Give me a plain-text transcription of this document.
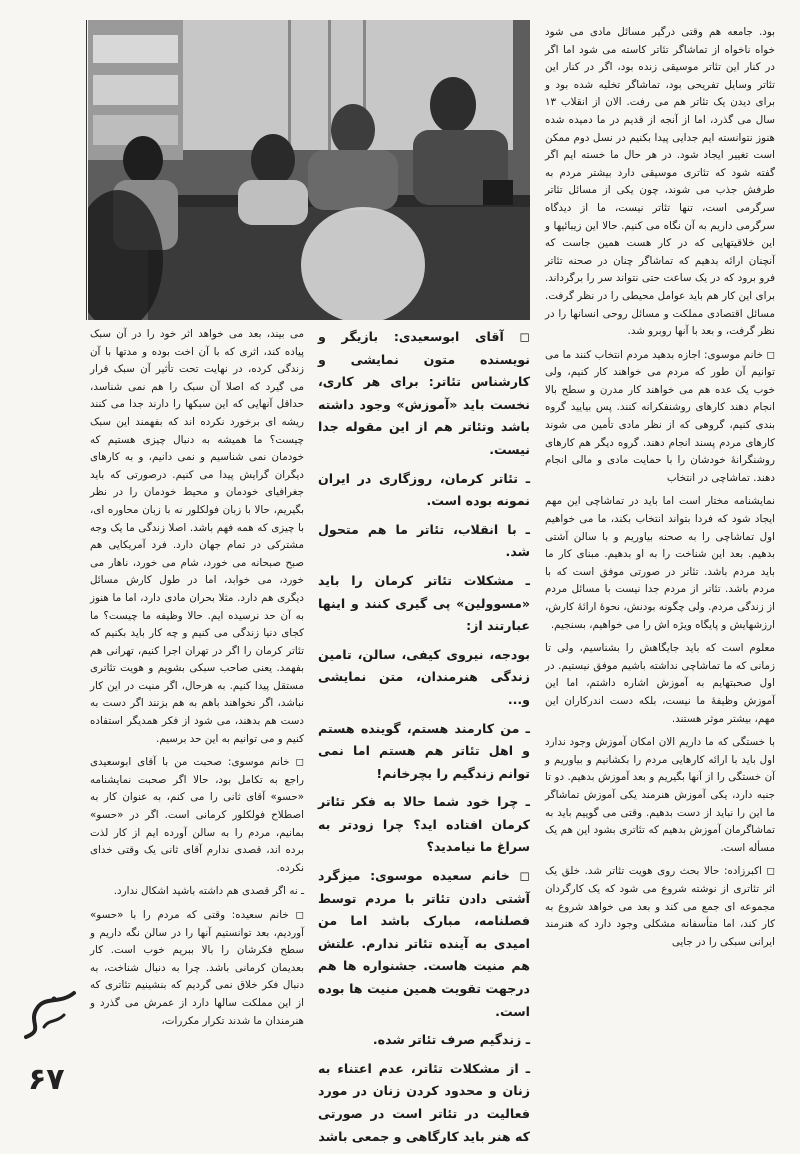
بود. جامعه هم وقتی درگیر مسائل مادی می شود خواه ناخواه از تماشاگر تئاتر کاسته می شود اما اگر در کنار این تئاتر موسیقی زنده بود، اگر در کنار این تئاتر وسایل تفریحی بود، تماشاگر تخلیه شده بود و برای دیدن یک تئاتر هم می رفت. الان از انقلاب ۱۳ سال می گذرد، اما از آنجه از قدیم در ما دمیده شده هنوز نتوانسته ایم جدایی پیدا بکنیم در نسل دوم ممکن است تغییر ایجاد شود. در هر حال ما خسته ایم اگر گفته شود که تئاتری موسیقی دارد بیشتر مردم به طرفش جذب می شوند، چون یکی از مسائل تئاتر سرگرمی است، تنها تئاتر نیست، ما از دیدگاه سرگرمی داریم به آن نگاه می کنیم. حالا این زیبائیها و این خلاقیتهایی که در کار هست همین جاست که آنچنان ارائه بدهیم که تماشاگر چنان در صحنه تئاتر فرو برود که در یک ساعت حتی نتواند سر را برگرداند. برای این کار هم باید عوامل محیطی را در نظر گرفت. مسائل اقتصادی مملکت و مسائل روحی انسانها را در نظر گرفت، و بعد با آنها روبرو شد.

◻ خانم موسوی: اجازه بدهید مردم انتخاب کنند ما می توانیم آن طور که مردم می خواهند کار کنیم، ولی خوب یک عده هم می خواهند کار مدرن و سطح بالا انجام دهند کارهای روشنفکرانه کنند. پس بیایید گروه بندی کنیم، گروهی که از نظر مادی تأمین می شوند کارهای مردم پسند انجام دهند. گروه دیگر هم کارهای روشنگرانهٔ خودشان را با حمایت مادی و مالی انجام دهند. تماشاچی در انتخاب

نمایشنامه مختار است اما باید در تماشاچی این مهم ایجاد شود که فردا بتواند انتخاب بکند، ما می خواهیم اول تماشاچی را به صحنه بیاوریم و با سالن آشتی بدهیم. بعد این شناخت را به او بدهیم. مبنای کار ما باید مردم باشد. تئاتر در صورتی موفق است که با مردم باشد. تئاتر از مردم جدا نیست با مسائل مردم از زندگی مردم. ولی چگونه بودنش، نحوهٔ ارائهٔ کارش، ارزشهایش و پایگاه ویژه اش را می خواهیم، بسنجیم.

معلوم است که باید جایگاهش را بشناسیم، ولی تا زمانی که ما تماشاچی نداشته باشیم موفق نیستیم. در اول صحبتهایم به آموزش اشاره داشتم، اما این آموزش وظیفهٔ ما نیست، بلکه دست اندرکاران این مهم، بیشتر موثر هستند.

با خستگی که ما داریم الان امکان آموزش وجود ندارد اول باید با ارائه کارهایی مردم را بکشانیم و بیاوریم و آن خستگی را از آنها بگیریم و بعد آموزش بدهیم. دو تا جنبه دارد، یکی آموزش هنرمند یکی آموزش تماشاگر ما این را نباید از دست بدهیم. وقتی می گوییم باید به تماشاگرمان آموزش بدهیم که تئاتری بشود این هم یک مسأله است.

◻ اکبرزاده: حالا بحث روی هویت تئاتر شد. خلق یک اثر تئاتری از نوشته شروع می شود که یک کارگردان مجموعه ای جمع می کند و بعد می خواهد شروع به کار کند، اما متأسفانه مشکلی وجود دارد که هنرمند ایرانی سبکی را در جایی

◻ آقای ابوسعیدی: بازیگر و نویسنده متون نمایشی و کارشناس تئاتر: برای هر کاری، نخست باید «آموزش» وجود داشته باشد وتئاتر هم از این مقوله جدا نیست.

ـ تئاتر کرمان، روزگاری در ایران نمونه بوده است.

ـ با انقلاب، تئاتر ما هم متحول شد.

ـ مشکلات تئاتر کرمان را باید «مسوولین» پی گیری کنند و اینها عبارتند از:

بودجه، نیروی کیفی، سالن، تامین زندگی هنرمندان، متن نمایشی و...

ـ من کارمند هستم، گوینده هستم و اهل تئاتر هم هستم اما نمی توانم زندگیم را بچرخانم!

ـ چرا خود شما حالا به فکر تئاتر کرمان افتاده اید؟ چرا زودتر به سراغ ما نیامدید؟

◻ خانم سعیده موسوی: میزگرد آشتی دادن تئاتر با مردم توسط فصلنامه، مبارک باشد اما من امیدی به آینده تئاتر ندارم. علتش هم منیت هاست. جشنواره ها هم درجهت تقویت همین منیت ها بوده است.

ـ زندگیم صرف تئاتر شده.

ـ از مشکلات تئاتر، عدم اعتناء به زنان و محدود کردن زنان در مورد فعالیت در تئاتر است در صورتی که هنر باید کارگاهی و جمعی باشد

می بیند، بعد می خواهد اثر خود را در آن سبک پیاده کند، اثری که با آن اخت بوده و مدتها با آن زندگی کرده، در نهایت تحت تأثیر آن سبک قرار می گیرد که اصلا آن سبک را هم نمی شناسد، حداقل آنهایی که این سبکها را دارند جدا می کنند ریشه ای برخورد نکرده اند که بفهمند این سبک چیست؟ ما همیشه به دنبال چیزی هستیم که خودمان نمی شناسیم و نمی دانیم، و به کارهای دیگران گرایش پیدا می کنیم. درصورتی که باید جغرافیای خودمان و محیط خودمان را در نظر بگیریم، حالا با زبان فولکلور نه با زبان محاوره ای، با چیزی که همه فهم باشد. اصلا زندگی ما یک وجه مشترکی در تمام جهان دارد. فرد آمریکایی هم صبح صبحانه می خورد، شام می خورد، ناهار می خورد، می خوابد، اما در طول کارش مسائل دیگری هم دارد. مثلا بحران مادی دارد، اما ما هنوز به آن حد نرسیده ایم. حالا وظیفه ما چیست؟ ما کجای دنیا زندگی می کنیم و چه کار باید بکنیم که تئاتر کرمان را اگر در تهران اجرا کنیم، تهرانی هم بفهمد. یعنی صاحب سبکی بشویم و هویت تئاتری مستقل پیدا کنیم. به هرحال، اگر منیت در این کار نباشد، اگر نخواهند باهم به هم بزنند اگر دست به دست هم بدهند، می شود از فکر همدیگر استفاده کنیم و می توانیم به این حد برسیم.

◻ خانم موسوی: صحبت من با آقای ابوسعیدی راجع به تکامل بود، حالا اگر صحبت نمایشنامه «حسو» آقای ثانی را می کنم، به عنوان کار به اصطلاح فولکلور کرمانی است. اگر در «حسو» بمانیم، مردم را به سالن آورده ایم از کار لذت برده اند، قصدی ندارم آقای ثانی یک وقتی خدای نکرده.

ـ نه اگر قصدی هم داشته باشید اشکال ندارد.

◻ خانم سعیده: وقتی که مردم را با «حسو» آوردیم، بعد توانستیم آنها را در سالن نگه داریم و سطح فکرشان را بالا ببریم خوب است. کار بعدیمان کرمانی باشد. چرا به دنبال شناخت، به دنبال فکر خلاق نمی گردیم که بنشینیم تئاتری که از این مملکت سالها دارد از عمرش می گذرد و هنرمندان ما شدند تکرار مکررات،

۶۷
